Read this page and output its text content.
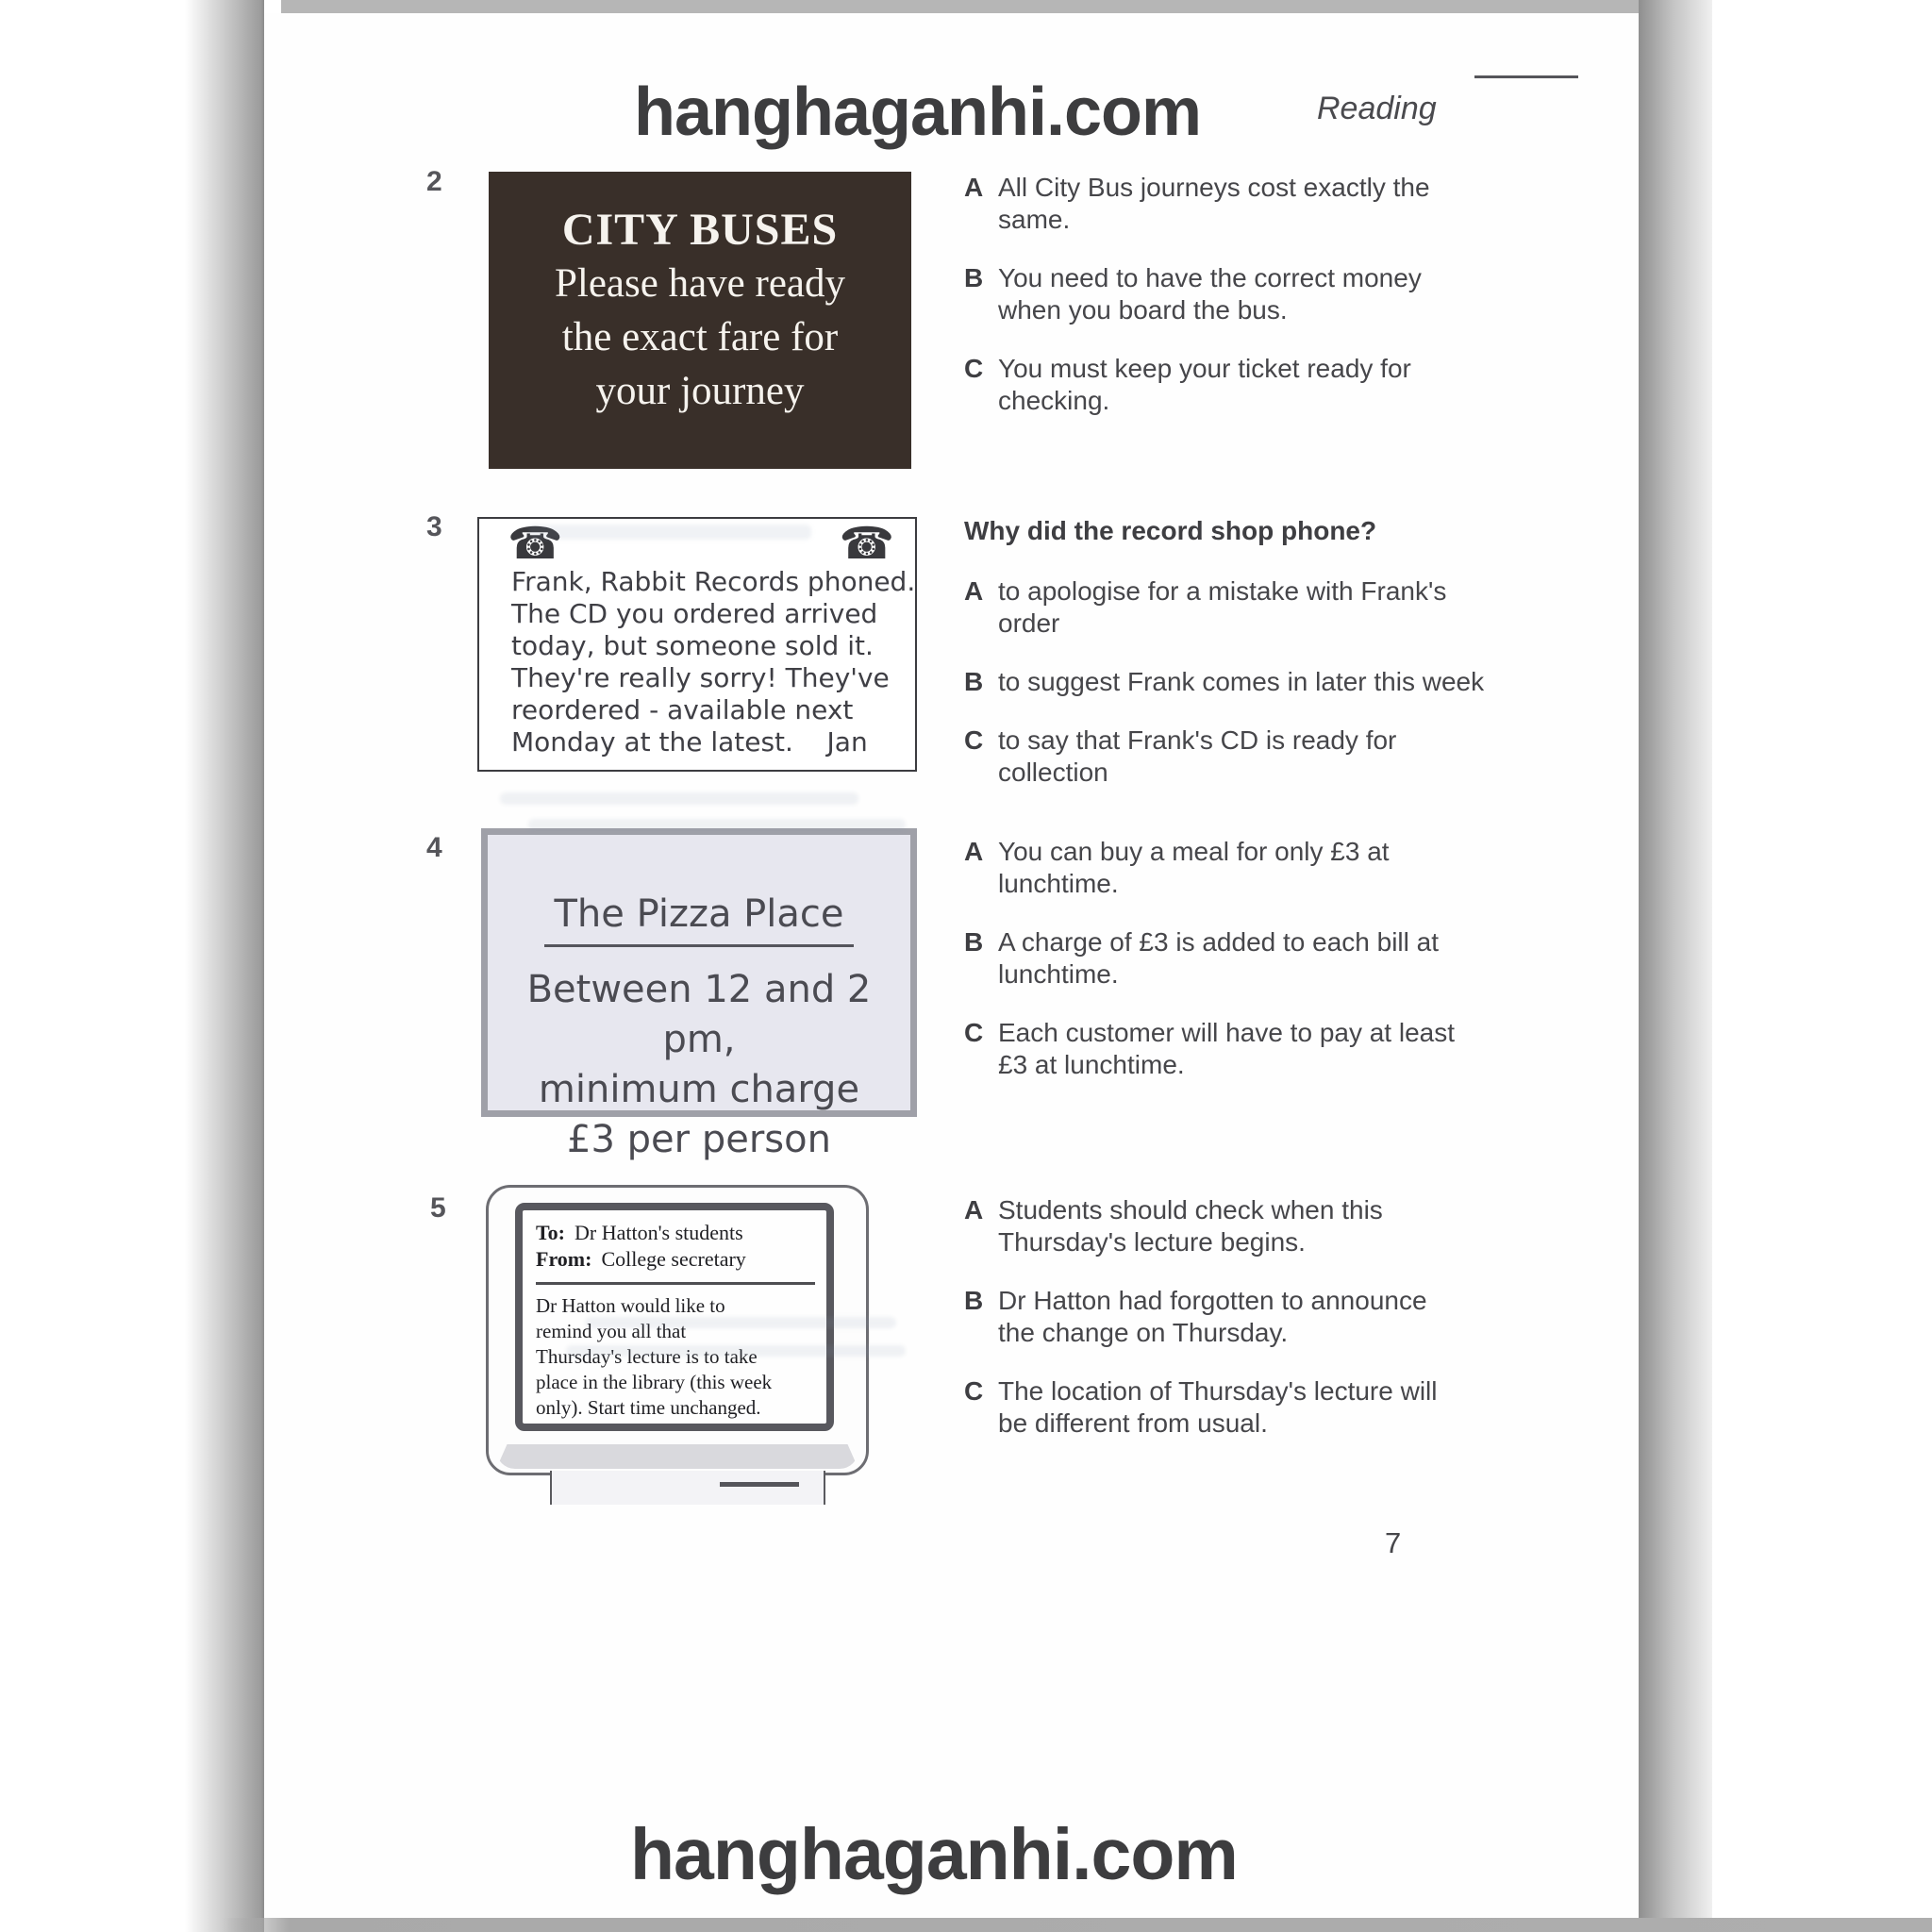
hanghaganhi.com	Reading
2
CITY BUSES
Please have ready
the exact fare for
your journey
A All City Bus journeys cost exactly the
same.
B You need to have the correct money
when you board the bus.
C You must keep your ticket ready for
checking.
3 ☎	☎
Frank, Rabbit Records phoned.
The CD you ordered arrived
today, but someone sold it.
They're really sorry! They've
reordered - available next
Monday at the latest.    Jan
Why did the record shop phone?
A to apologise for a mistake with Frank's
order
B to suggest Frank comes in later this week
C to say that Frank's CD is ready for
collection
4
The Pizza Place
Between 12 and 2 pm,
minimum charge
£3 per person
A You can buy a meal for only £3 at
lunchtime.
B A charge of £3 is added to each bill at
lunchtime.
C Each customer will have to pay at least
£3 at lunchtime.
5
To: Dr Hatton's students
From: College secretary
Dr Hatton would like to
remind you all that
Thursday's lecture is to take
place in the library (this week
only). Start time unchanged.
A Students should check when this
Thursday's lecture begins.
B Dr Hatton had forgotten to announce
the change on Thursday.
C The location of Thursday's lecture will
be different from usual.
7
hanghaganhi.com
